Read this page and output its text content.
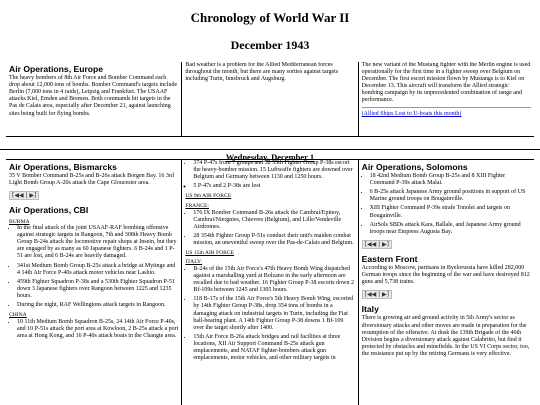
Chronology of World War II
December 1943
Air Operations, Europe

The heavy bombers of 8th Air Force and Bomber Command each drop about 12,000 tons of bombs. Bomber Command's targets include Berlin (7,000 tons in 4 raids), Leipzig and Frankfurt. The USAAF attacks Kiel, Emden and Bremen. Both commands hit targets in the Pas de Calais area, especially after December 21, against launching sites being built for flying bombs.

Bad weather is a problem for the Allied Mediterranean forces throughout the month, but there are many sorties against targets including Turin, Innsbruck and Augsburg.

The new variant of the Mustang fighter with the Merlin engine is used operationally for the first time in a fighter sweep over Belgium on December. The first escort mission flown by Mustangs is to Kiel on December 13. This aircraft will transform the Allied strategic bombing campaign by its unprecedented combination of range and performance.

(Allied Ships Lost to U-boats this month)
Wednesday, December 1
Air Operations, Bismarcks

35 V Bomber Command B-25s and B-26s attack Borgen Bay. 16 3rd Light Bomb Group A-20s attack the Cape Gloucester area.

[◀◀ | ▶]
Air Operations, CBI
BURMA
• In the final attack of the joint USAAF-RAF bombing offensive against strategic targets in Rangoon, 7th and 308th Heavy Bomb Group B-24s attack the locomotive repair shops at Insein, but they are engaged by as many as 60 Japanese fighters. 6 B-24s and 1 P-51 are lost, and 6 B-24s are heavily damaged.
• 341st Medium Bomb Group B-25s attack a bridge at Myitnge and 4 14th Air Force P-40s attack motor vehicles near Lashio.
• 459th Fighter Squadron P-38s and a 530th Fighter Squadron P-51 down 3 Japanese fighters over Rangoon between 1225 and 1235 hours.
• During the night, RAF Wellingtons attack targets in Rangoon.
CHINA
• 10 11th Medium Bomb Squadron B-25s, 24 14th Air Force P-40s, and 10 P-51s attack the port area at Kowloon, 2 B-25s attack a port area at Hong Kong, and 16 P-40s attack boats in the Changte area.
• 374 P-47s from 7 groups and 52 55th Fighter Group P-38s escort the heavy-bomber mission. 15 Luftwaffe fighters are downed over Belgium and Germany between 1130 and 1250 hours.
◦ 5 P-47s and 2 P-38s are lost
US 9th AIR FORCE
FRANCE:
• 176 IX Bomber Command B-26s attack the Cambrai/Epinoy, Cambrai/Niergnies, Chievres (Belgium), and Lille/Vendeville Airdromes.
• 28 354th Fighter Group P-51s conduct their unit's maiden combat mission, an uneventful sweep over the Pas-de-Calais and Belgium.
US 15th AIR FORCE
ITALY:
• B-24s of the 15th Air Force's 47th Heavy Bomb Wing dispatched against a marshalling yard at Bolzano in the early afternoon are recalled due to bad weather. 16 Fighter Group P-38 escorts down 2 Bf-109s between 1245 and 1305 hours.
• 118 B-17s of the 15th Air Force's 5th Heavy Bomb Wing, escorted by 14th Fighter Group P-38s, drop 354 tons of bombs in a damaging attack on industrial targets in Turin, including the Fiat ball-bearing plant. A 14th Fighter Group P-38 downs 1 Bf-109 over the target shortly after 1400.
• 15th Air Force B-26s attack bridges and rail facilities at three locations, XII Air Support Command B-25s attack gun emplacements, and NATAF fighter-bombers attack gun emplacements, motor vehicles, and other military targets in
Air Operations, Solomons
• 18 42nd Medium Bomb Group B-25s and 8 XIII Fighter Command P-39s attack Malai.
• 6 B-25s attack Japanese Army ground positions in support of US Marine ground troops on Bougainville.
• XIII Fighter Command P-39s strafe Tonolei and targets on Bougainville.
• AirSols SBDs attack Kara, Ballale, and Japanese Army ground troops near Empress Augusta Bay.
[◀◀ | ▶]
Eastern Front

According to Moscow, partisans in Byelorussia have killed 282,000 German troops since the beginning of the war and have destroyed 812 guns and 5,738 trains.

[◀◀ | ▶]
Italy

There is growing air and ground activity in 5th Army's sector as diversionary attacks and other moves are made in preparation for the resumption of the offensive. At dusk the 139th Brigade of the 46th Division begins a diversionary attack against Calabritto, but find it protected by obstacles and minefields. In the US VI Corps sector, too, the resistance put up by the retiring Germans is very effective.
